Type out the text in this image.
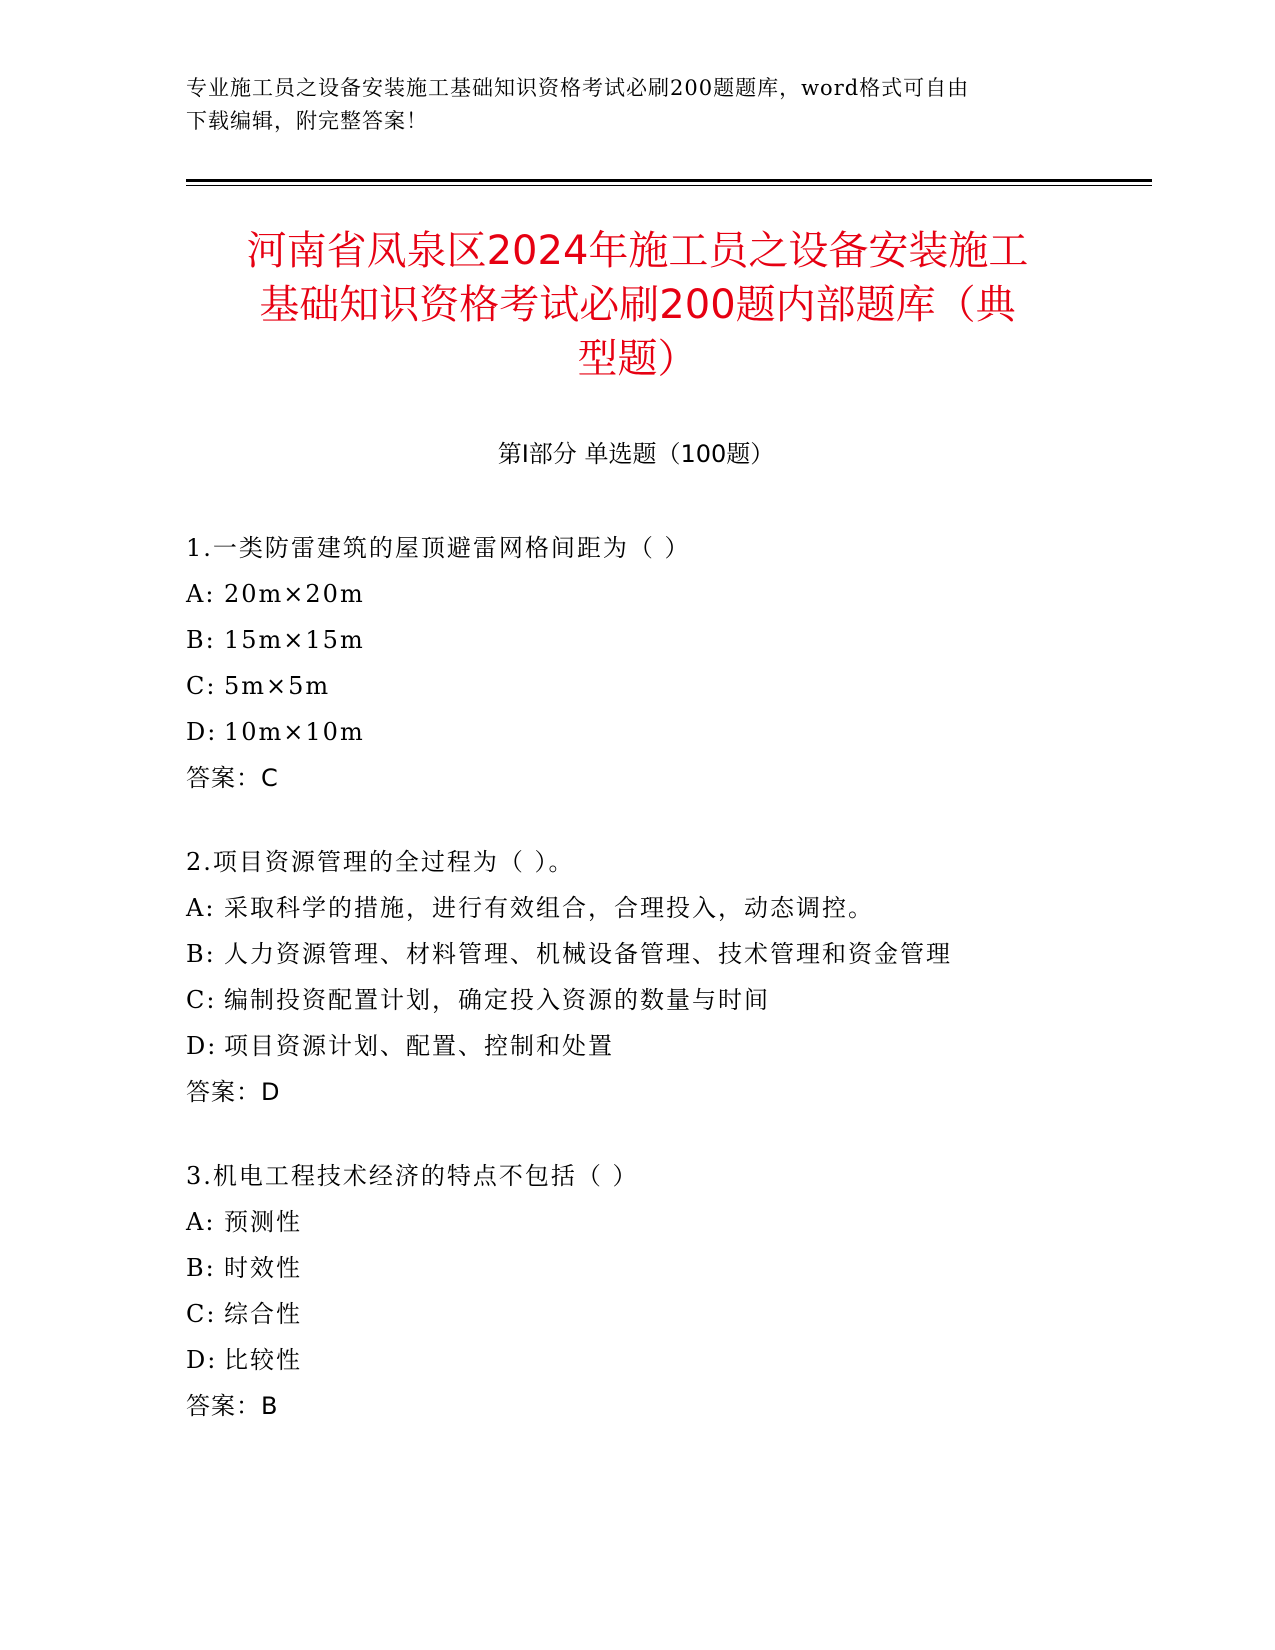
专业施工员之设备安装施工基础知识资格考试必刷200题题库，word格式可自由
下载编辑，附完整答案！
河南省凤泉区2024年施工员之设备安装施工
基础知识资格考试必刷200题内部题库（典
型题）
第Ⅰ部分 单选题（100题）
1.一类防雷建筑的屋顶避雷网格间距为（ ）
A: 20m×20m
B: 15m×15m
C: 5m×5m
D: 10m×10m
答案：C
2.项目资源管理的全过程为（ ）。
A: 采取科学的措施，进行有效组合，合理投入，动态调控。
B: 人力资源管理、材料管理、机械设备管理、技术管理和资金管理
C: 编制投资配置计划，确定投入资源的数量与时间
D: 项目资源计划、配置、控制和处置
答案：D
3.机电工程技术经济的特点不包括（ ）
A: 预测性
B: 时效性
C: 综合性
D: 比较性
答案：B
